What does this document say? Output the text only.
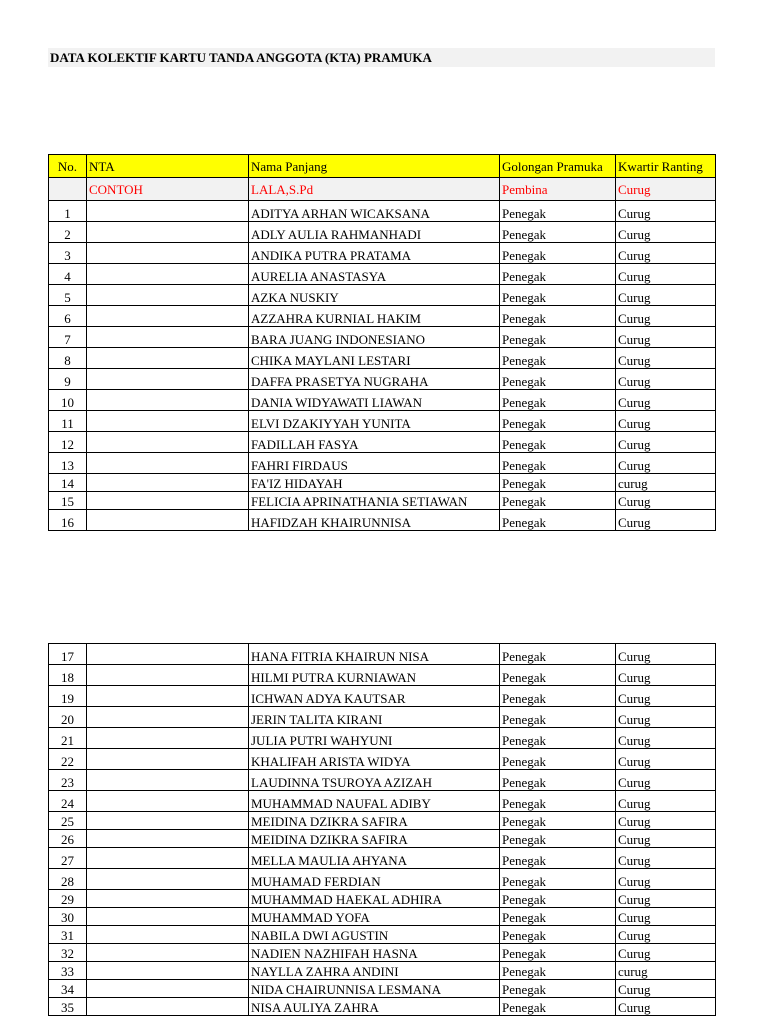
DATA KOLEKTIF KARTU TANDA ANGGOTA (KTA) PRAMUKA
No.	NTA	Nama Panjang	Golongan Pramuka	Kwartir Ranting
	CONTOH	LALA,S.Pd	Pembina	Curug
1		ADITYA ARHAN WICAKSANA	Penegak	Curug
2		ADLY AULIA RAHMANHADI	Penegak	Curug
3		ANDIKA PUTRA PRATAMA	Penegak	Curug
4		AURELIA ANASTASYA	Penegak	Curug
5		AZKA NUSKIY	Penegak	Curug
6		AZZAHRA KURNIAL HAKIM	Penegak	Curug
7		BARA JUANG INDONESIANO	Penegak	Curug
8		CHIKA MAYLANI LESTARI	Penegak	Curug
9		DAFFA PRASETYA NUGRAHA	Penegak	Curug
10		DANIA WIDYAWATI LIAWAN	Penegak	Curug
11		ELVI DZAKIYYAH YUNITA	Penegak	Curug
12		FADILLAH FASYA	Penegak	Curug
13		FAHRI FIRDAUS	Penegak	Curug
14		FA'IZ HIDAYAH	Penegak	curug
15		FELICIA APRINATHANIA SETIAWAN	Penegak	Curug
16		HAFIDZAH KHAIRUNNISA	Penegak	Curug
17		HANA FITRIA KHAIRUN NISA	Penegak	Curug
18		HILMI PUTRA KURNIAWAN	Penegak	Curug
19		ICHWAN ADYA KAUTSAR	Penegak	Curug
20		JERIN TALITA KIRANI	Penegak	Curug
21		JULIA PUTRI WAHYUNI	Penegak	Curug
22		KHALIFAH ARISTA WIDYA	Penegak	Curug
23		LAUDINNA TSUROYA AZIZAH	Penegak	Curug
24		MUHAMMAD NAUFAL ADIBY	Penegak	Curug
25		MEIDINA DZIKRA SAFIRA	Penegak	Curug
26		MEIDINA DZIKRA SAFIRA	Penegak	Curug
27		MELLA MAULIA AHYANA	Penegak	Curug
28		MUHAMAD FERDIAN	Penegak	Curug
29		MUHAMMAD HAEKAL ADHIRA	Penegak	Curug
30		MUHAMMAD YOFA	Penegak	Curug
31		NABILA DWI AGUSTIN	Penegak	Curug
32		NADIEN NAZHIFAH HASNA	Penegak	Curug
33		NAYLLA ZAHRA ANDINI	Penegak	curug
34		NIDA CHAIRUNNISA LESMANA	Penegak	Curug
35		NISA AULIYA ZAHRA	Penegak	Curug
